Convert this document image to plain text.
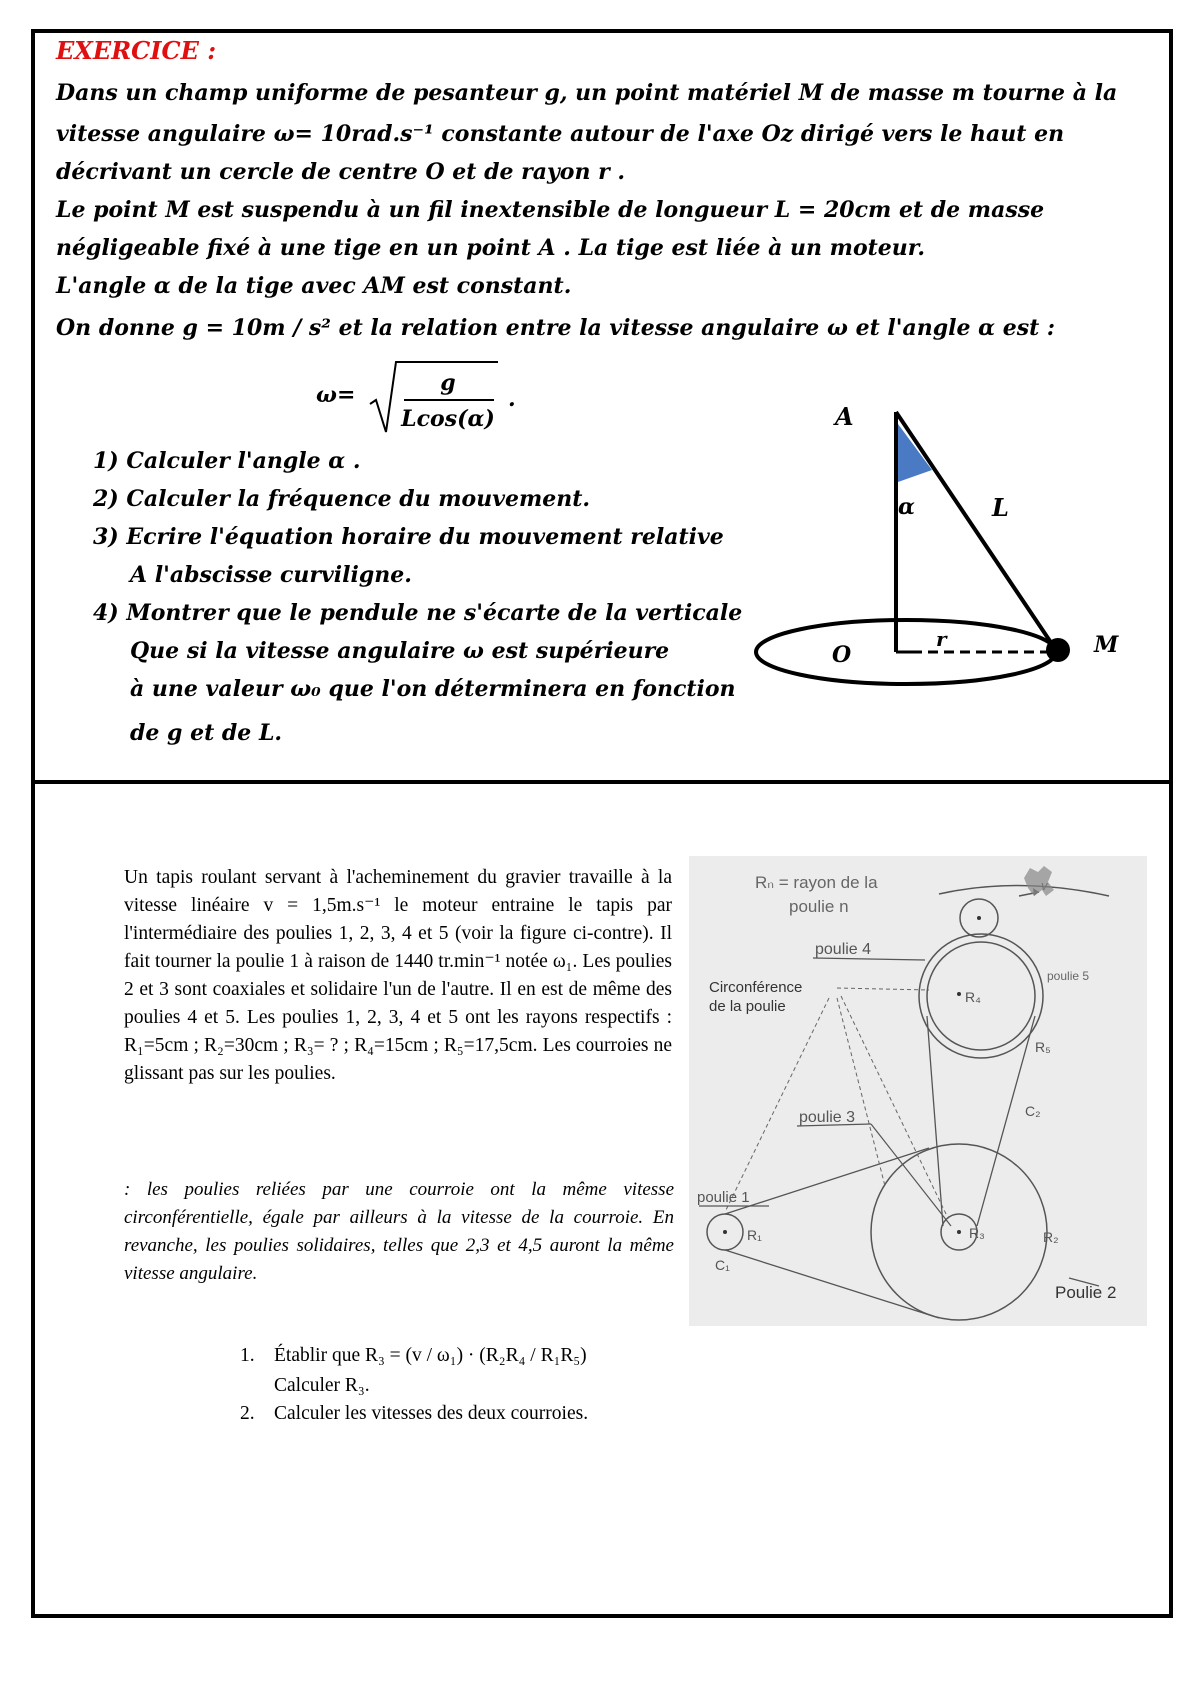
EXERCICE :
Dans un champ uniforme de pesanteur g, un point matériel M de masse m tourne à la
vitesse angulaire ω= 10rad.s⁻¹ constante autour de l'axe Oz dirigé vers le haut en
décrivant un cercle de centre O et de rayon r .
Le point M est suspendu à un fil inextensible de longueur L = 20cm et de masse
négligeable fixé à une tige en un point A . La tige est liée à un moteur.
L'angle α de la tige avec AM est constant.
On donne g = 10m / s² et la relation entre la vitesse angulaire ω et l'angle α est :
ω=	g
Lcos(α)
.
1) Calculer l'angle α .
2) Calculer la fréquence du mouvement.
3) Ecrire l'équation horaire du mouvement relative
A l'abscisse curviligne.
4) Montrer que le pendule ne s'écarte de la verticale
Que si la vitesse angulaire ω est supérieure
à une valeur ω₀ que l'on déterminera en fonction
de g et de L.
A
α	L
O
r	M
Un tapis roulant servant à l'acheminement du gravier travaille à la vitesse linéaire v = 1,5m.s⁻¹ le moteur entraine le tapis par l'intermédiaire des poulies 1, 2, 3, 4 et 5 (voir la figure ci-contre). Il fait tourner la poulie 1 à raison de 1440 tr.min⁻¹ notée ω₁. Les poulies 2 et 3 sont coaxiales et solidaire l'un de l'autre. Il en est de même des poulies 4 et 5. Les poulies 1, 2, 3, 4 et 5 ont les rayons respectifs : R₁=5cm ; R₂=30cm ; R₃= ? ; R₄=15cm ; R₅=17,5cm. Les courroies ne glissant pas sur les poulies.
: les poulies reliées par une courroie ont la même vitesse circonférentielle, égale par ailleurs à la vitesse de la courroie. En revanche, les poulies solidaires, telles que 2,3 et 4,5 auront la même vitesse angulaire.
1. Établir que R₃ = (v / ω₁) · (R₂R₄ / R₁R₅)
Calculer R₃.
2. Calculer les vitesses des deux courroies.
Rₙ = rayon de la
poulie n
poulie 4
poulie 5
Circonférence
de la poulie
poulie 3
poulie 1
Poulie 2
R₁	R₂
R₃
R₄
R₅
C₁
C₂
